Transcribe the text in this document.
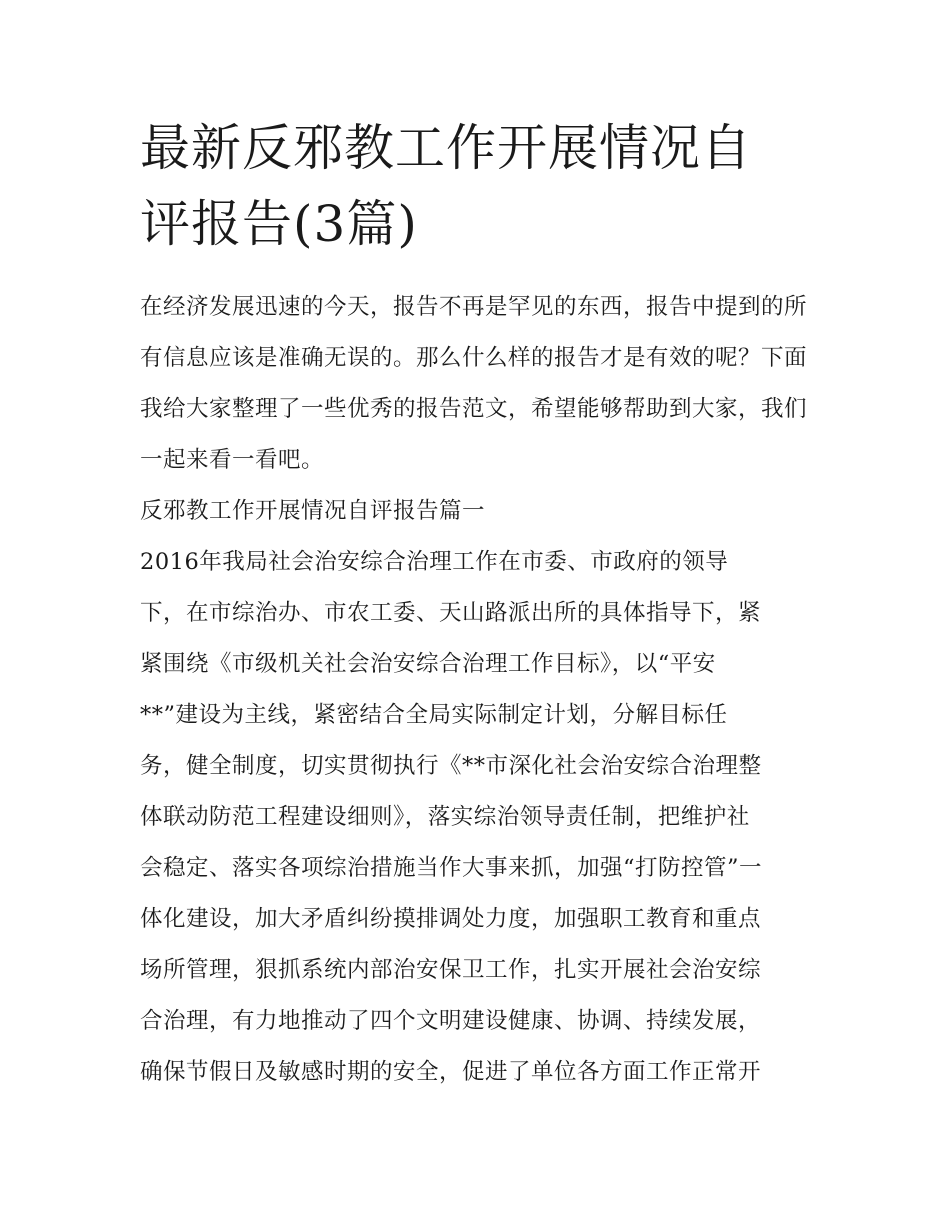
最新反邪教工作开展情况自评报告(3篇)

在经济发展迅速的今天，报告不再是罕见的东西，报告中提到的所有信息应该是准确无误的。那么什么样的报告才是有效的呢？下面我给大家整理了一些优秀的报告范文，希望能够帮助到大家，我们一起来看一看吧。

反邪教工作开展情况自评报告篇一

2016年我局社会治安综合治理工作在市委、市政府的领导
下，在市综治办、市农工委、天山路派出所的具体指导下，紧
紧围绕《市级机关社会治安综合治理工作目标》，以“平安
**”建设为主线，紧密结合全局实际制定计划，分解目标任
务，健全制度，切实贯彻执行《**市深化社会治安综合治理整
体联动防范工程建设细则》，落实综治领导责任制，把维护社
会稳定、落实各项综治措施当作大事来抓，加强“打防控管”一
体化建设，加大矛盾纠纷摸排调处力度，加强职工教育和重点
场所管理，狠抓系统内部治安保卫工作，扎实开展社会治安综
合治理，有力地推动了四个文明建设健康、协调、持续发展，
确保节假日及敏感时期的安全，促进了单位各方面工作正常开
